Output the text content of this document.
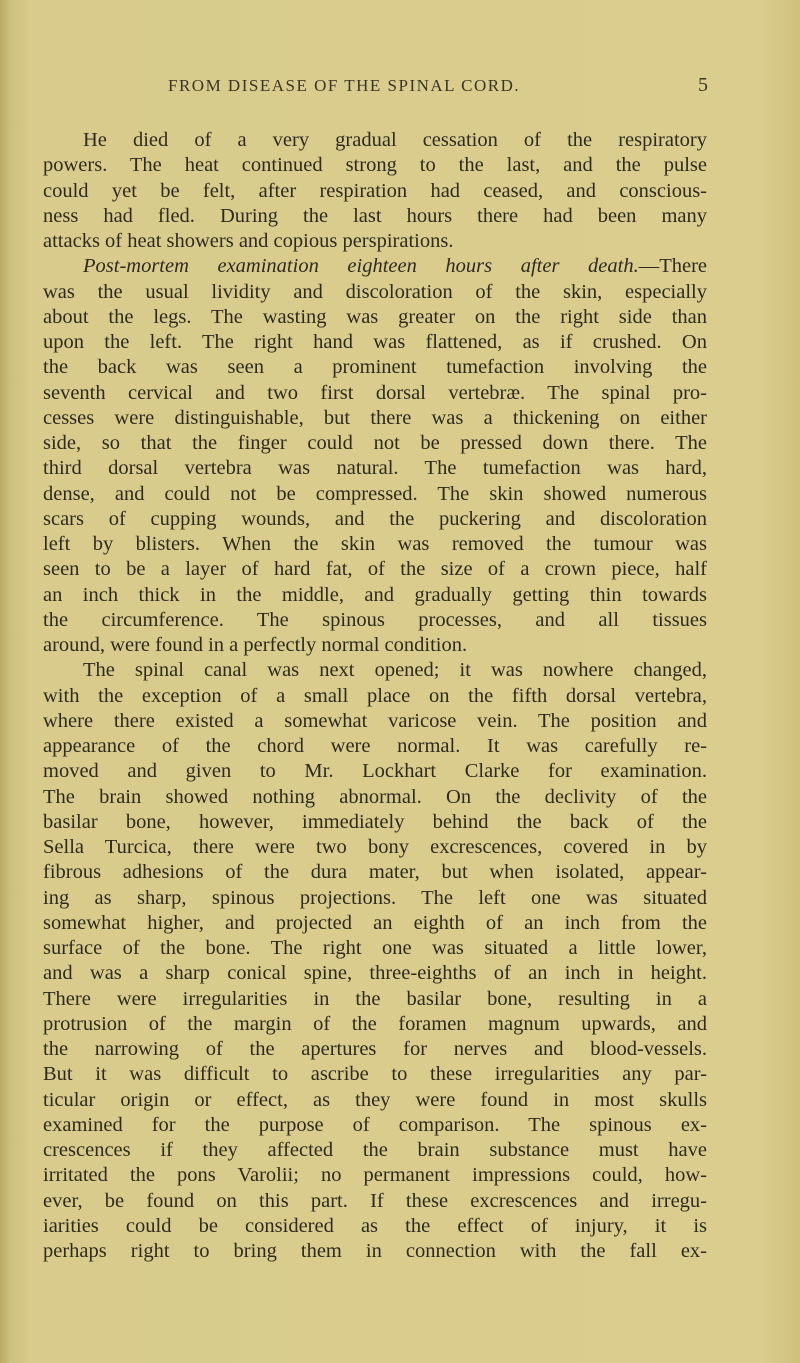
FROM DISEASE OF THE SPINAL CORD.	5
He died of a very gradual cessation of the respiratory
powers. The heat continued strong to the last, and the pulse
could yet be felt, after respiration had ceased, and conscious-
ness had fled. During the last hours there had been many
attacks of heat showers and copious perspirations.
Post-mortem examination eighteen hours after death.—There
was the usual lividity and discoloration of the skin, especially
about the legs. The wasting was greater on the right side than
upon the left. The right hand was flattened, as if crushed. On
the back was seen a prominent tumefaction involving the
seventh cervical and two first dorsal vertebræ. The spinal pro-
cesses were distinguishable, but there was a thickening on either
side, so that the finger could not be pressed down there. The
third dorsal vertebra was natural. The tumefaction was hard,
dense, and could not be compressed. The skin showed numerous
scars of cupping wounds, and the puckering and discoloration
left by blisters. When the skin was removed the tumour was
seen to be a layer of hard fat, of the size of a crown piece, half
an inch thick in the middle, and gradually getting thin towards
the circumference. The spinous processes, and all tissues
around, were found in a perfectly normal condition.
The spinal canal was next opened; it was nowhere changed,
with the exception of a small place on the fifth dorsal vertebra,
where there existed a somewhat varicose vein. The position and
appearance of the chord were normal. It was carefully re-
moved and given to Mr. Lockhart Clarke for examination.
The brain showed nothing abnormal. On the declivity of the
basilar bone, however, immediately behind the back of the
Sella Turcica, there were two bony excrescences, covered in by
fibrous adhesions of the dura mater, but when isolated, appear-
ing as sharp, spinous projections. The left one was situated
somewhat higher, and projected an eighth of an inch from the
surface of the bone. The right one was situated a little lower,
and was a sharp conical spine, three-eighths of an inch in height.
There were irregularities in the basilar bone, resulting in a
protrusion of the margin of the foramen magnum upwards, and
the narrowing of the apertures for nerves and blood-vessels.
But it was difficult to ascribe to these irregularities any par-
ticular origin or effect, as they were found in most skulls
examined for the purpose of comparison. The spinous ex-
crescences if they affected the brain substance must have
irritated the pons Varolii; no permanent impressions could, how-
ever, be found on this part. If these excrescences and irregu-
iarities could be considered as the effect of injury, it is
perhaps right to bring them in connection with the fall ex-
